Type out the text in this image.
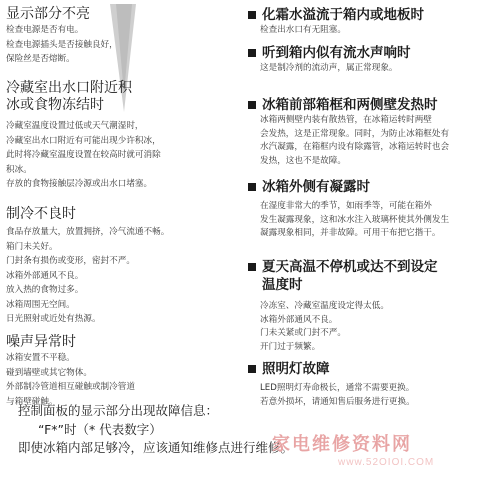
显示部分不亮
检查电源是否有电。
检查电源插头是否接触良好，
保险丝是否熔断。
冷藏室出水口附近积
冰或食物冻结时
冷藏室温度设置过低或天气潮湿时，
冷藏室出水口附近有可能出现少许积冰，
此时将冷藏室温度设置在较高时就可消除
积冰。
存放的食物接触层冷源或出水口堵塞。
制冷不良时
食品存放量大，放置拥挤，冷气流通不畅。
箱门未关好。
门封条有损伤或变形，密封不严。
冰箱外部通风不良。
放入热的食物过多。
冰箱周围无空间。
日光照射或近处有热源。
噪声异常时
冰箱安置不平稳。
碰到墙壁或其它物体。
外部制冷管道相互碰触或制冷管道
与箱壁碰触。
化霜水溢流于箱内或地板时
检查出水口有无阻塞。
听到箱内似有流水声响时
这是制冷剂的流动声，属正常现象。
冰箱前部箱框和两侧壁发热时
冰箱两侧壁内装有散热管，在冰箱运转时两壁
会发热，这是正常现象。同时，为防止冰箱框处有
水汽凝露，在箱框内设有除露管，冰箱运转时也会
发热，这也不是故障。
冰箱外侧有凝露时
在湿度非常大的季节，如雨季等，可能在箱外
发生凝露现象，这和冰水注入玻璃杯使其外侧发生
凝露现象相同，并非故障。可用干布把它揩干。
夏天高温不停机或达不到设定
温度时
冷冻室、冷藏室温度设定得太低。
冰箱外部通风不良。
门未关紧或门封不严。
开门过于频繁。
照明灯故障
LED照明灯寿命极长，通常不需要更换。
若意外损坏，请通知售后服务进行更换。
控制面板的显示部分出现故障信息：
“F*”时（* 代表数字）
即使冰箱内部足够冷，应该通知维修点进行维修。
家电维修资料网
www.52OIOI.COM
